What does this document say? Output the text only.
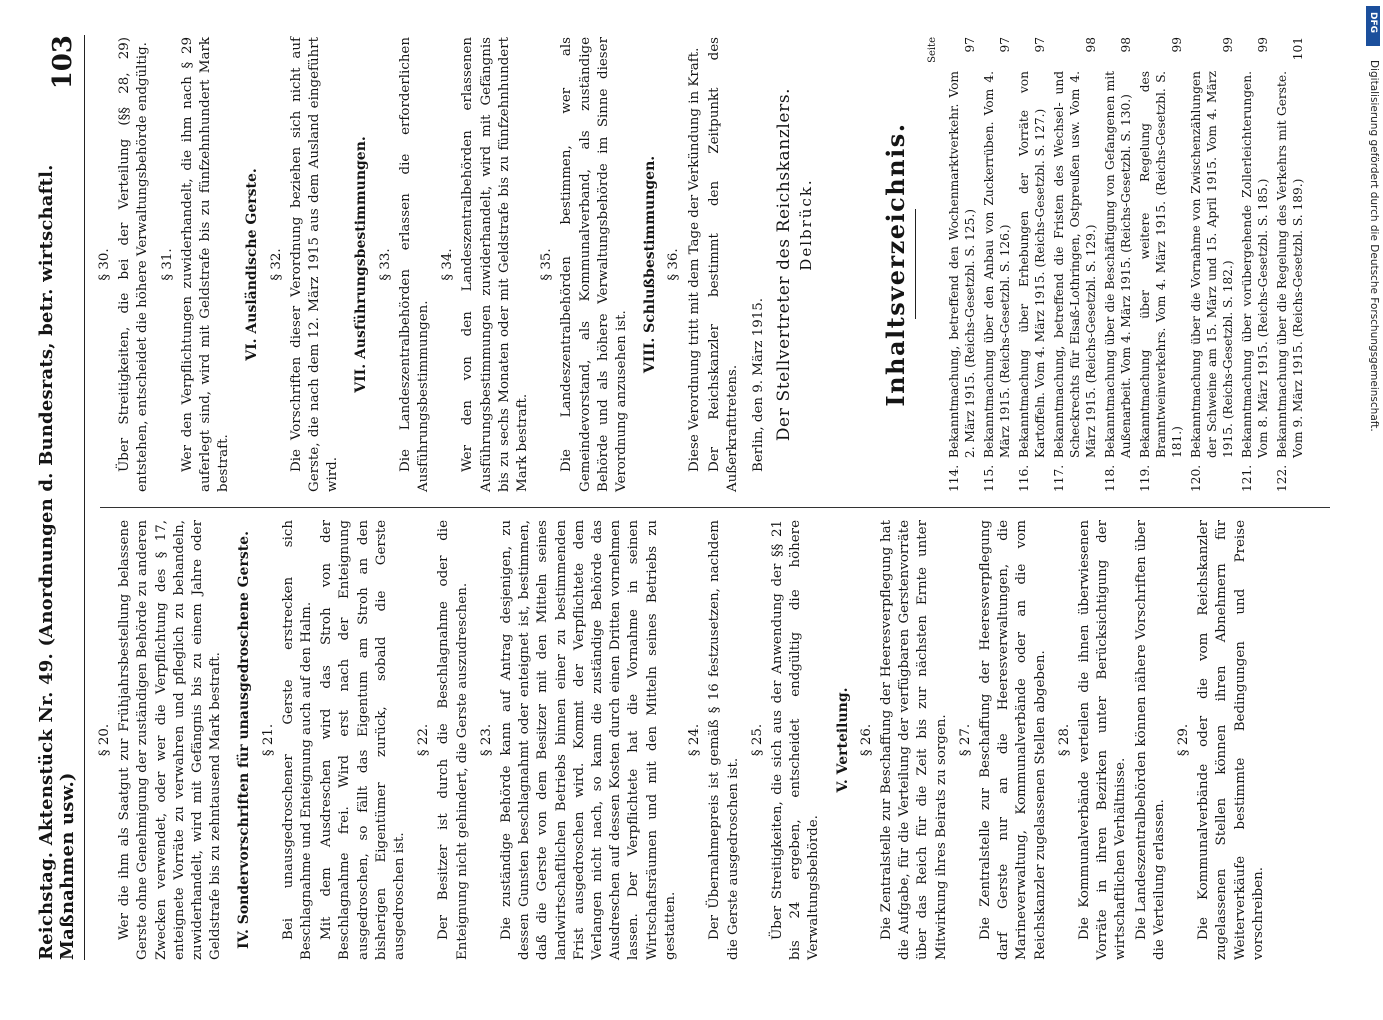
Reichstag. Aktenstück Nr. 49. (Anordnungen d. Bundesrats, betr. wirtschaftl. Maßnahmen usw.)
103
§ 20. Wer die ihm als Saatgut zur Frühjahrsbestellung belassene Gerste ohne Genehmigung der zuständigen Behörde zu anderen Zwecken verwendet, oder wer die Verpflichtung des § 17, enteignete Vorräte zu verwahren und pfleglich zu behandeln, zuwiderhandelt, wird mit Gefängnis bis zu einem Jahre oder Geldstrafe bis zu zehntausend Mark bestraft. IV. Sondervorschriften für unausgedroschene Gerste. § 21. Bei unausgedroschener Gerste erstrecken sich Beschlagnahme und Enteignung auch auf den Halm. Mit dem Ausdreschen wird das Stroh von der Beschlagnahme frei. Wird erst nach der Enteignung ausgedroschen, so fällt das Eigentum am Stroh an den bisherigen Eigentümer zurück, sobald die Gerste ausgedroschen ist.
§ 22. Der Besitzer ist durch die Beschlagnahme oder die Enteignung nicht gehindert, die Gerste auszudreschen. § 23. Die zuständige Behörde kann auf Antrag desjenigen, zu dessen Gunsten beschlagnahmt oder enteignet ist, bestimmen, daß die Gerste von dem Besitzer mit den Mitteln seines landwirtschaftlichen Betriebs binnen einer zu bestimmenden Frist ausgedroschen wird. Kommt der Verpflichtete dem Verlangen nicht nach, so kann die zuständige Behörde das Ausdreschen auf dessen Kosten durch einen Dritten vornehmen lassen. Der Verpflichtete hat die Vornahme in seinen Wirtschaftsräumen und mit den Mitteln seines Betriebs zu gestatten.
§ 24. Der Übernahmepreis ist gemäß § 16 festzusetzen, nachdem die Gerste ausgedroschen ist.
§ 25. Über Streitigkeiten, die sich aus der Anwendung der §§ 21 bis 24 ergeben, entscheidet endgültig die höhere Verwaltungsbehörde.
V. Verteilung. § 26. Die Zentralstelle zur Beschaffung der Heeresverpflegung hat die Aufgabe, für die Verteilung der verfügbaren Gerstenvorräte über das Reich für die Zeit bis zur nächsten Ernte unter Mitwirkung ihres Beirats zu sorgen. § 27. Die Zentralstelle zur Beschaffung der Heeresverpflegung darf Gerste nur an die Heeresverwaltungen, die Marineverwaltung, Kommunalverbände oder an die vom Reichskanzler zugelassenen Stellen abgeben. § 28. Die Kommunalverbände verteilen die ihnen überwiesenen Vorräte in ihren Bezirken unter Berücksichtigung der wirtschaftlichen Verhältnisse. Die Landeszentralbehörden können nähere Vorschriften über die Verteilung erlassen.
§ 29. Die Kommunalverbände oder die vom Reichskanzler zugelassenen Stellen können ihren Abnehmern für Weiterverkäufe bestimmte Bedingungen und Preise vorschreiben.
§ 30. Über Streitigkeiten, die bei der Verteilung (§§ 28, 29) entstehen, entscheidet die höhere Verwaltungsbehörde endgültig. § 31. Wer den Verpflichtungen zuwiderhandelt, die ihm nach § 29 auferlegt sind, wird mit Geldstrafe bis zu fünfzehnhundert Mark bestraft.
VI. Ausländische Gerste. § 32. Die Vorschriften dieser Verordnung beziehen sich nicht auf Gerste, die nach dem 12. März 1915 aus dem Ausland eingeführt wird.
VII. Ausführungsbestimmungen. § 33. Die Landeszentralbehörden erlassen die erforderlichen Ausführungsbestimmungen.
§ 34. Wer den von den Landeszentralbehörden erlassenen Ausführungsbestimmungen zuwiderhandelt, wird mit Gefängnis bis zu sechs Monaten oder mit Geldstrafe bis zu fünfzehnhundert Mark bestraft.
§ 35. Die Landeszentralbehörden bestimmen, wer als Gemeindevorstand, als Kommunalverband, als zuständige Behörde und als höhere Verwaltungsbehörde im Sinne dieser Verordnung anzusehen ist.
VIII. Schlußbestimmungen. § 36. Diese Verordnung tritt mit dem Tage der Verkündung in Kraft. Der Reichskanzler bestimmt den Zeitpunkt des Außerkrafttretens. Berlin, den 9. März 1915. Der Stellvertreter des Reichskanzlers. Delbrück.	Inhaltsverzeichnis.
Seite
114.
Bekanntmachung, betreffend den Wochenmarktverkehr. Vom 2. März 1915. (Reichs-Gesetzbl. S. 125.)
97
115.
Bekanntmachung über den Anbau von Zuckerrüben. Vom 4. März 1915. (Reichs-Gesetzbl. S. 126.)
97
116.
Bekanntmachung über Erhebungen der Vorräte von Kartoffeln. Vom 4. März 1915. (Reichs-Gesetzbl. S. 127.)
97
117.
Bekanntmachung, betreffend die Fristen des Wechsel- und Scheckrechts für Elsaß-Lothringen, Ostpreußen usw. Vom 4. März 1915. (Reichs-Gesetzbl. S. 129.)
98
118.
Bekanntmachung über die Beschäftigung von Gefangenen mit Außenarbeit. Vom 4. März 1915. (Reichs-Gesetzbl. S. 130.)
98
119.
Bekanntmachung über weitere Regelung des Branntweinverkehrs. Vom 4. März 1915. (Reichs-Gesetzbl. S. 181.)
99
120.
Bekanntmachung über die Vornahme von Zwischenzählungen der Schweine am 15. März und 15. April 1915. Vom 4. März 1915. (Reichs-Gesetzbl. S. 182.)
99
121.
Bekanntmachung über vorübergehende Zollerleichterungen. Vom 8. März 1915. (Reichs-Gesetzbl. S. 185.)
99
122.
Bekanntmachung über die Regelung des Verkehrs mit Gerste. Vom 9. März 1915. (Reichs-Gesetzbl. S. 189.)
101
DFG
Digitalisierung gefördert durch die Deutsche Forschungsgemeinschaft.
